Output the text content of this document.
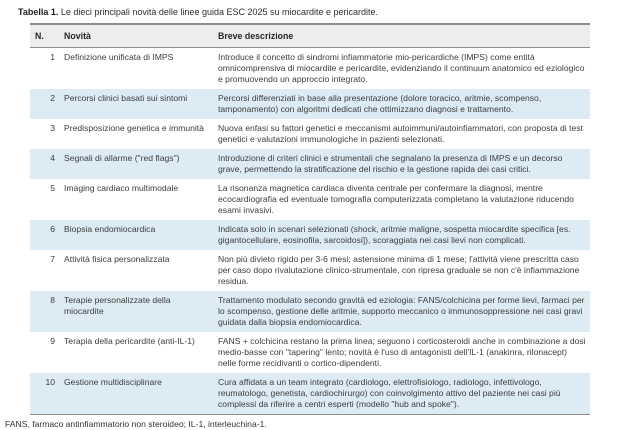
Tabella 1. Le dieci principali novità delle linee guida ESC 2025 su miocardite e pericardite.

N.	Novità	Breve descrizione
1	Definizione unificata di IMPS	Introduce il concetto di sindromi infiammatorie mio-pericardiche (IMPS) come entità omnicomprensiva di miocardite e pericardite, evidenziando il continuum anatomico ed eziologico e promuovendo un approccio integrato.
2	Percorsi clinici basati sui sintomi	Percorsi differenziati in base alla presentazione (dolore toracico, aritmie, scompenso, tamponamento) con algoritmi dedicati che ottimizzano diagnosi e trattamento.
3	Predisposizione genetica e immunità	Nuova enfasi su fattori genetici e meccanismi autoimmuni/autoinfiammatori, con proposta di test genetici e valutazioni immunologiche in pazienti selezionati.
4	Segnali di allarme ("red flags")	Introduzione di criteri clinici e strumentali che segnalano la presenza di IMPS e un decorso grave, permettendo la stratificazione del rischio e la gestione rapida dei casi critici.
5	Imaging cardiaco multimodale	La risonanza magnetica cardiaca diventa centrale per confermare la diagnosi, mentre ecocardiografia ed eventuale tomografia computerizzata completano la valutazione riducendo esami invasivi.
6	Biopsia endomiocardica	Indicata solo in scenari selezionati (shock, aritmie maligne, sospetta miocardite specifica [es. gigantocellulare, eosinofila, sarcoidosi]), scoraggiata nei casi lievi non complicati.
7	Attività fisica personalizzata	Non più divieto rigido per 3-6 mesi; astensione minima di 1 mese; l'attività viene prescritta caso per caso dopo rivalutazione clinico-strumentale, con ripresa graduale se non c'è infiammazione residua.
8	Terapie personalizzate della miocardite	Trattamento modulato secondo gravità ed eziologia: FANS/colchicina per forme lievi, farmaci per lo scompenso, gestione delle aritmie, supporto meccanico o immunosoppressione nei casi gravi guidata dalla biopsia endomiocardica.
9	Terapia della pericardite (anti-IL-1)	FANS + colchicina restano la prima linea; seguono i corticosteroidi anche in combinazione a dosi medio-basse con "tapering" lento; novità è l'uso di antagonisti dell'IL-1 (anakinra, rilonacept) nelle forme recidivanti o cortico-dipendenti.
10	Gestione multidisciplinare	Cura affidata a un team integrato (cardiologo, elettrofisiologo, radiologo, infettivologo, reumatologo, genetista, cardiochirurgo) con coinvolgimento attivo del paziente nei casi più complessi da riferire a centri esperti (modello "hub and spoke").

FANS, farmaco antinfiammatorio non steroideo; IL-1, interleuchina-1.
